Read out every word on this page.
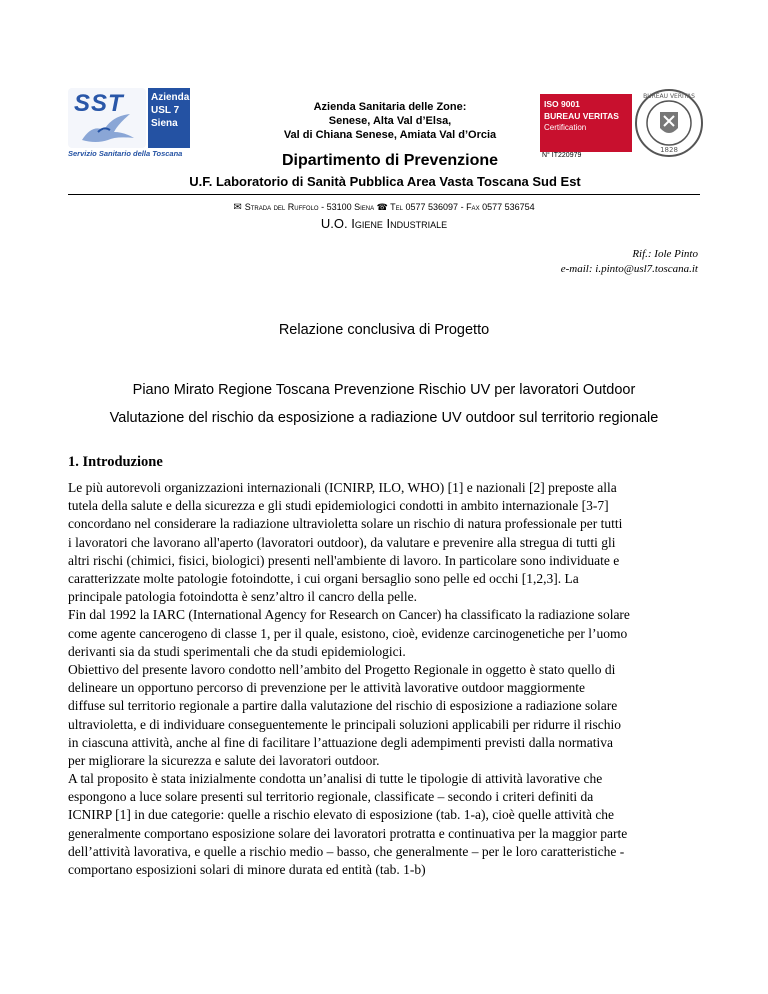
SST	Azienda
USL 7
Siena
Servizio Sanitario della Toscana
Azienda Sanitaria delle Zone:
Senese, Alta Val d’Elsa,
Val di Chiana Senese, Amiata Val d’Orcia
ISO 9001
BUREAU VERITAS
Certification
N° IT220979
1828
BUREAU VERITAS
Dipartimento di Prevenzione
U.F. Laboratorio di Sanità Pubblica Area Vasta Toscana Sud Est
✉ Strada del Ruffolo - 53100 Siena ☎ Tel 0577 536097 - Fax 0577 536754
U.O. Igiene Industriale
Rif.: Iole Pinto
e-mail: i.pinto@usl7.toscana.it
Relazione conclusiva di Progetto
Piano Mirato Regione Toscana Prevenzione Rischio UV per lavoratori Outdoor
Valutazione del rischio da esposizione a radiazione UV outdoor sul territorio regionale
1. Introduzione
Le più autorevoli organizzazioni internazionali (ICNIRP, ILO, WHO) [1] e nazionali [2] preposte alla
tutela della salute e della sicurezza e gli studi epidemiologici condotti in ambito internazionale [3-7]
concordano nel considerare la radiazione ultravioletta solare un rischio di natura professionale per tutti
i lavoratori che lavorano all'aperto (lavoratori outdoor), da valutare e prevenire alla stregua di tutti gli
altri rischi (chimici, fisici, biologici) presenti nell'ambiente di lavoro. In particolare sono individuate e
caratterizzate molte patologie fotoindotte, i cui organi bersaglio sono pelle ed occhi [1,2,3]. La
principale patologia fotoindotta è senz’altro il cancro della pelle.
Fin dal 1992 la IARC (International Agency for Research on Cancer) ha classificato la radiazione solare
come agente cancerogeno di classe 1, per il quale, esistono, cioè, evidenze carcinogenetiche per l’uomo
derivanti sia da studi sperimentali che da studi epidemiologici.
Obiettivo del presente lavoro condotto nell’ambito del Progetto Regionale in oggetto è stato quello di
delineare un opportuno percorso di prevenzione per le attività lavorative outdoor maggiormente
diffuse sul territorio regionale a partire dalla valutazione del rischio di esposizione a radiazione solare
ultravioletta, e di individuare conseguentemente le principali soluzioni applicabili per ridurre il rischio
in ciascuna attività, anche al fine di facilitare l’attuazione degli adempimenti previsti dalla normativa
per migliorare la sicurezza e salute dei lavoratori outdoor.
A tal proposito è stata inizialmente condotta un’analisi di tutte le tipologie di attività lavorative che
espongono a luce solare presenti sul territorio regionale, classificate – secondo i criteri definiti da
ICNIRP [1] in due categorie: quelle a rischio elevato di esposizione (tab. 1-a), cioè quelle attività che
generalmente comportano esposizione solare dei lavoratori protratta e continuativa per la maggior parte
dell’attività lavorativa, e quelle a rischio medio – basso, che generalmente – per le loro caratteristiche -
comportano esposizioni solari di minore durata ed entità (tab. 1-b)
